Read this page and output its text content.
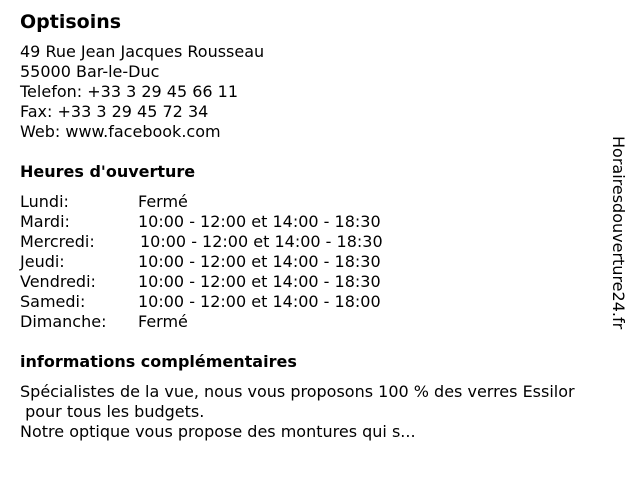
Optisoins
49 Rue Jean Jacques Rousseau
55000 Bar-le-Duc
Telefon: +33 3 29 45 66 11
Fax: +33 3 29 45 72 34
Web: www.facebook.com
Heures d'ouverture
Lundi:	Fermé
Mardi:	10:00 - 12:00 et 14:00 - 18:30
Mercredi:	10:00 - 12:00 et 14:00 - 18:30
Jeudi:	10:00 - 12:00 et 14:00 - 18:30
Vendredi:	10:00 - 12:00 et 14:00 - 18:30
Samedi:	10:00 - 12:00 et 14:00 - 18:00
Dimanche:	Fermé
informations complémentaires
Spécialistes de la vue, nous vous proposons 100 % des verres Essilor
pour tous les budgets.
Notre optique vous propose des montures qui s...
Horairesdouverture24.fr
